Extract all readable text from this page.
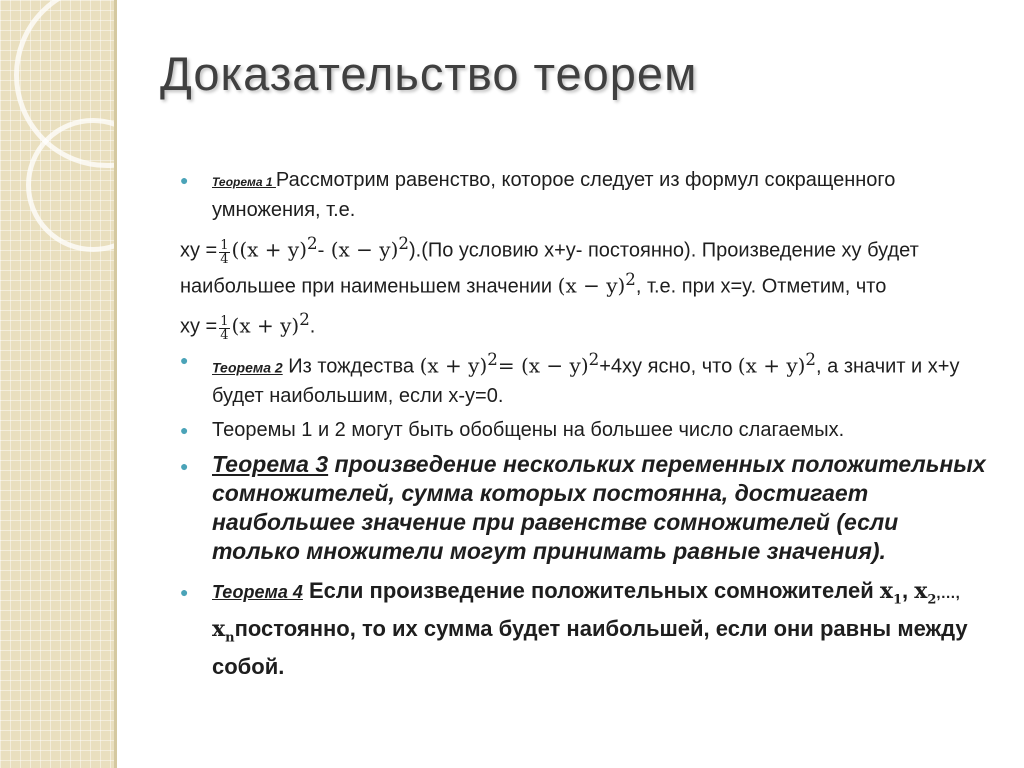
Доказательство теорем
● Теорема 1 Рассмотрим равенство, которое следует из формул сокращенного умножения, т.е.
xy = $\frac{1}{4} ((x + y)^2-$ $(x - y)^2).(По$ условию x+y- постоянно). Произведение xy будет наибольшее при наименьшем значении $(x - y)^2$, т.е. при x=y. Отметим, что
xy = $\frac{1}{4} (x + y)^2$.
● Теорема 2 Из тождества $(x + y)^2= (x - y)^2+4xy$ ясно, что $(x + y)^2$, а значит и x+y будет наибольшим, если x-y=0.
● Теоремы 1 и 2 могут быть обобщены на большее число слагаемых.
● Теорема 3 произведение нескольких переменных положительных сомножителей, сумма которых постоянна, достигает наибольшее значение при равенстве сомножителей (если только множители могут принимать равные значения).
● Теорема 4 Если произведение положительных сомножителей $x_1$, $x_2,\dots$, $x_nпостоянно$, то их сумма будет наибольшей, если они равны между собой.
